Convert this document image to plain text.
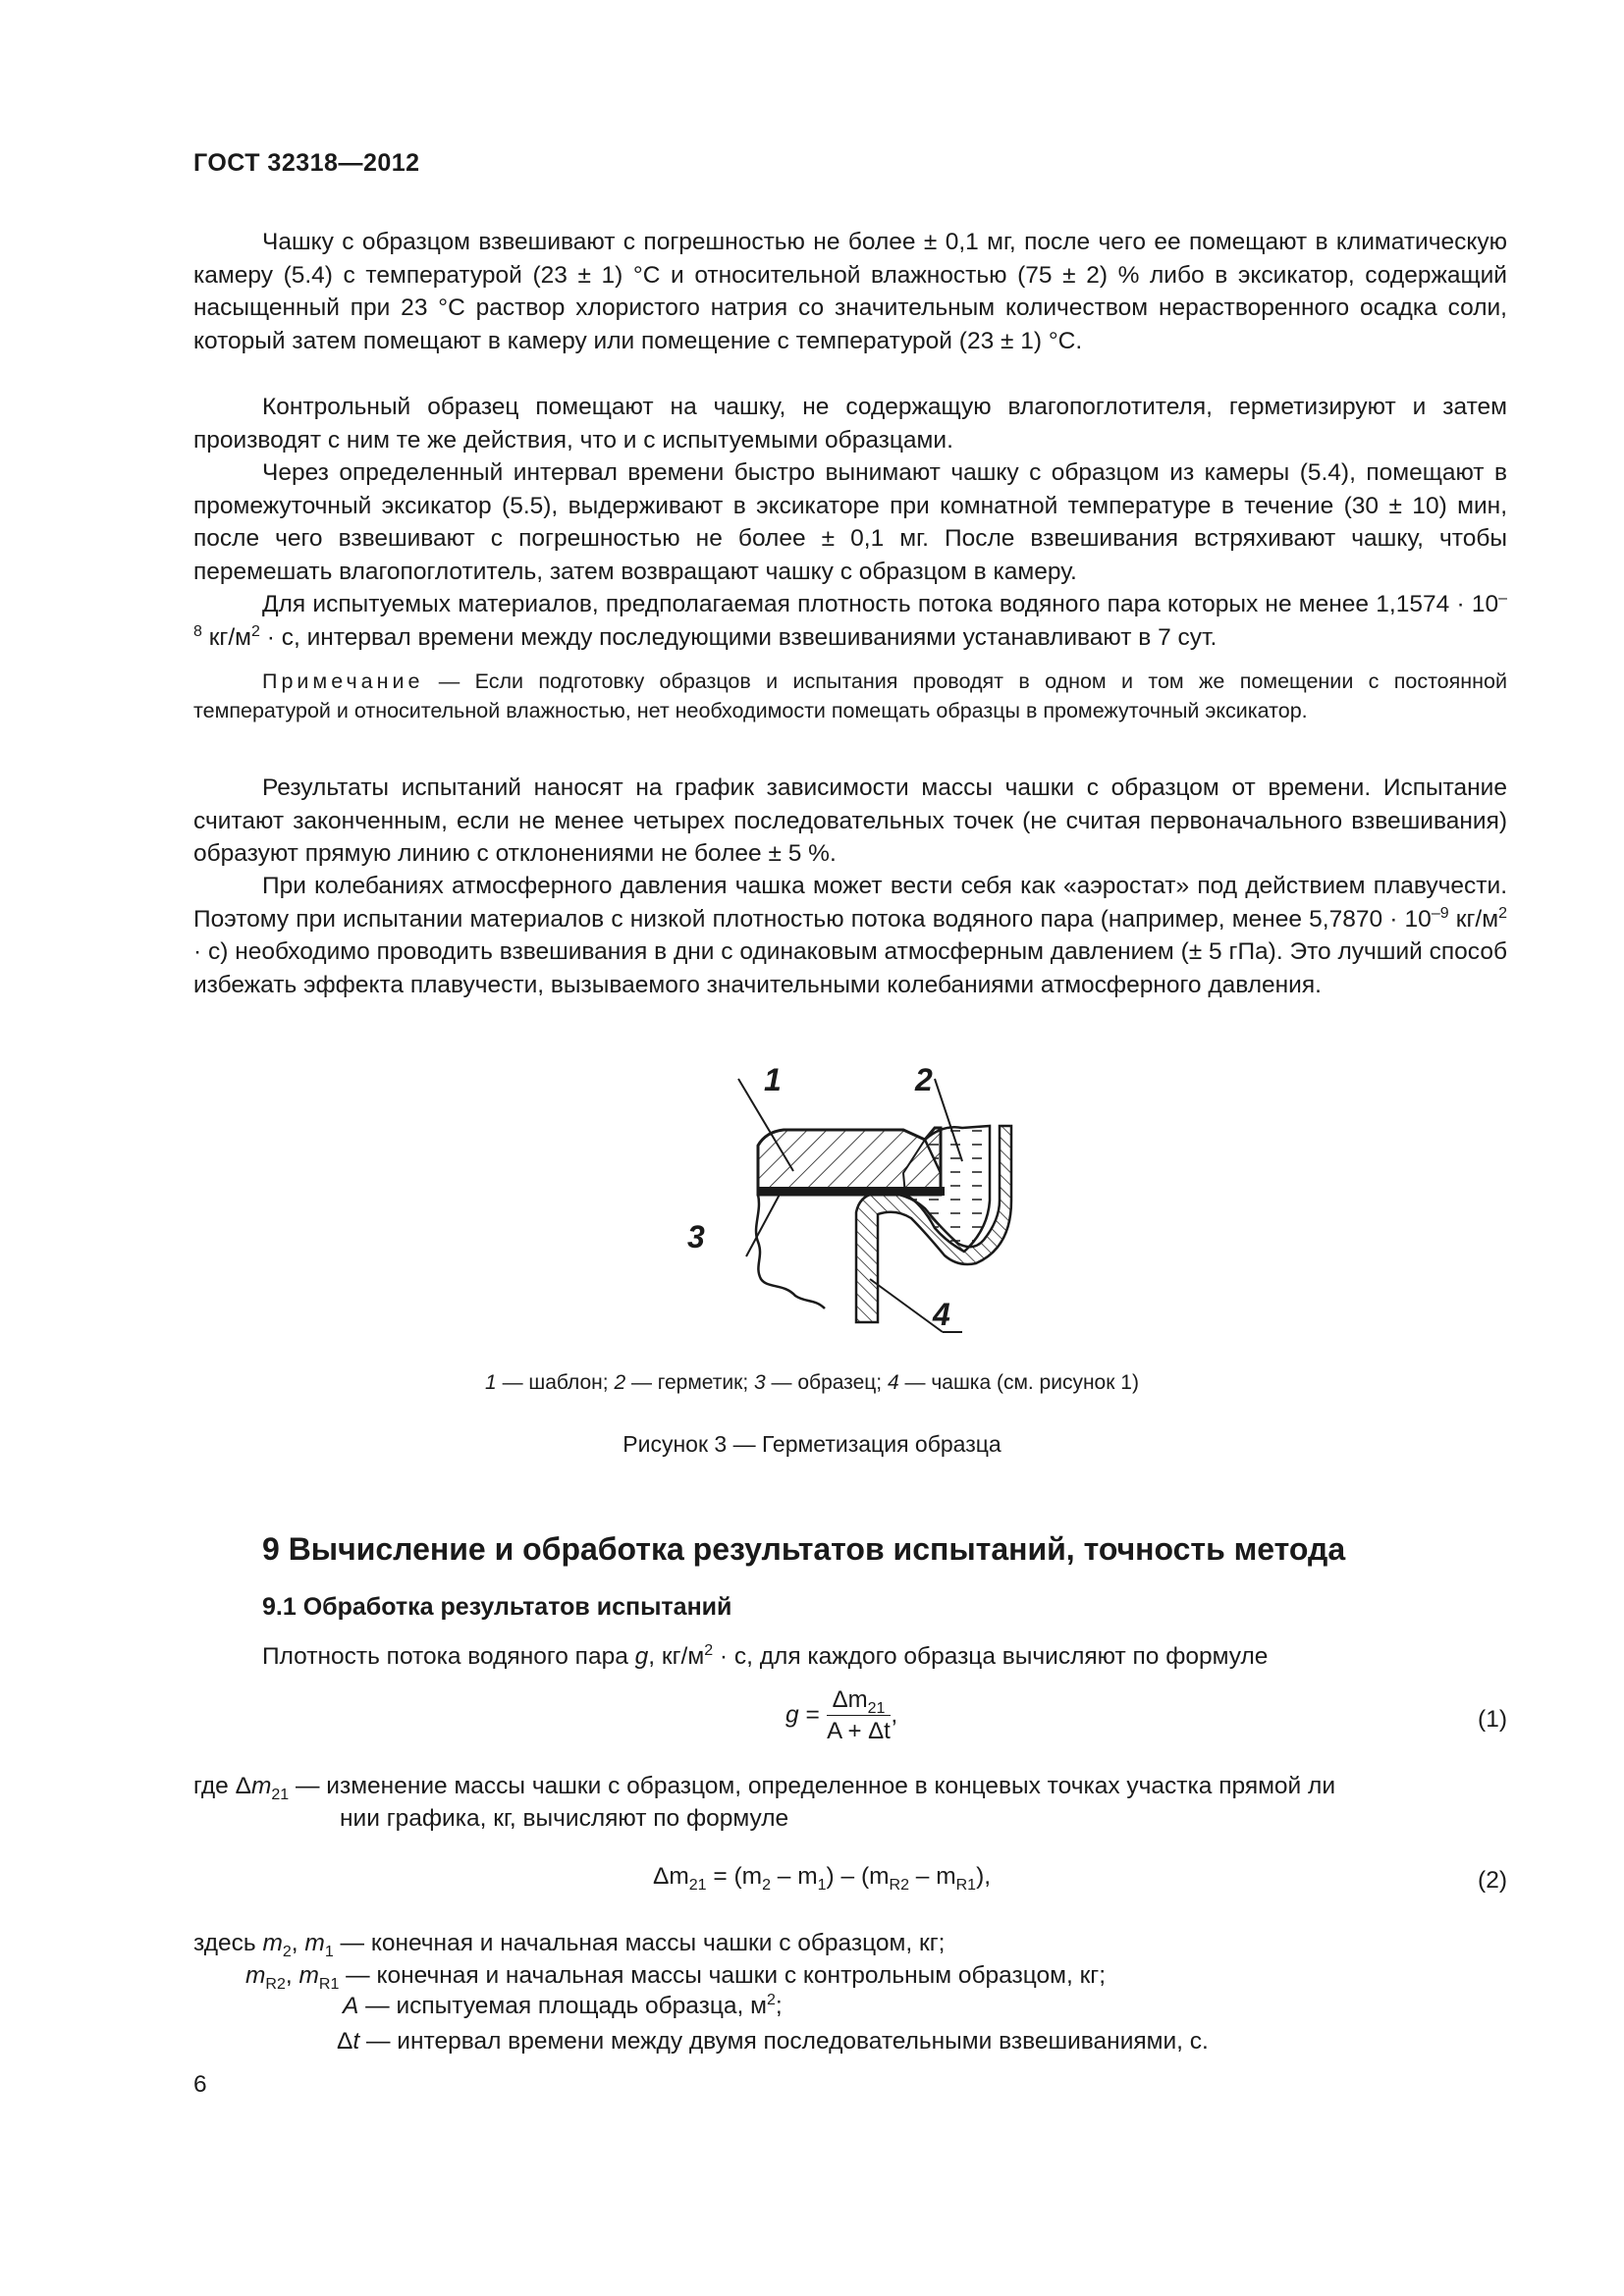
ГОСТ 32318—2012
Чашку с образцом взвешивают с погрешностью не более ± 0,1 мг, после чего ее помещают в климатическую камеру (5.4) с температурой (23 ± 1) °С и относительной влажностью (75 ± 2) % либо в эксикатор, содержащий насыщенный при 23 °С раствор хлористого натрия со значительным количеством нерастворенного осадка соли, который затем помещают в камеру или помещение с температурой (23 ± 1) °С.
Контрольный образец помещают на чашку, не содержащую влагопоглотителя, герметизируют и затем производят с ним те же действия, что и с испытуемыми образцами.
Через определенный интервал времени быстро вынимают чашку с образцом из камеры (5.4), помещают в промежуточный эксикатор (5.5), выдерживают в эксикаторе при комнатной температуре в течение (30 ± 10) мин, после чего взвешивают с погрешностью не более ± 0,1 мг. После взвешивания встряхивают чашку, чтобы перемешать влагопоглотитель, затем возвращают чашку с образцом в камеру.
Для испытуемых материалов, предполагаемая плотность потока водяного пара которых не менее $1,1574 \cdot 10^{-8}$ $кг/м^2 \cdot с$, интервал времени между последующими взвешиваниями устанавливают в 7 сут.
Примечание — Если подготовку образцов и испытания проводят в одном и том же помещении с постоянной температурой и относительной влажностью, нет необходимости помещать образцы в промежуточный эксикатор.
Результаты испытаний наносят на график зависимости массы чашки с образцом от времени. Испытание считают законченным, если не менее четырех последовательных точек (не считая первоначального взвешивания) образуют прямую линию с отклонениями не более ± 5 %.
При колебаниях атмосферного давления чашка может вести себя как «аэростат» под действием плавучести. Поэтому при испытании материалов с низкой плотностью потока водяного пара (например, менее $5,7870 \cdot 10^{-9}$ $кг/м^2 \cdot с$) необходимо проводить взвешивания в дни с одинаковым атмосферным давлением (± 5 гПа). Это лучший способ избежать эффекта плавучести, вызываемого значительными колебаниями атмосферного давления.
1	2
3
4
1 — шаблон; 2 — герметик; 3 — образец; 4 — чашка (см. рисунок 1)
Рисунок 3 — Герметизация образца
9 Вычисление и обработка результатов испытаний, точность метода
9.1 Обработка результатов испытаний
Плотность потока водяного пара g, $кг/м^2 \cdot с$, для каждого образца вычисляют по формуле
$g = \frac{\Delta m_{21}}{A + \Delta t}$ ,	(1)
где $\Delta m_{21}$ — изменение массы чашки с образцом, определенное в концевых точках участка прямой ли
нии графика, кг, вычисляют по формуле
$\Delta m_{21} = (m_2 - m_1) - (m_{R2} - m_{R1})$,	(2)
здесь $m_2$, $m_1$ — конечная и начальная массы чашки с образцом, кг;
$m_{R2}$, $m_{R1}$ — конечная и начальная массы чашки с контрольным образцом, кг;
A — испытуемая площадь образца, $м^2$;
Δt — интервал времени между двумя последовательными взвешиваниями, с.
6
